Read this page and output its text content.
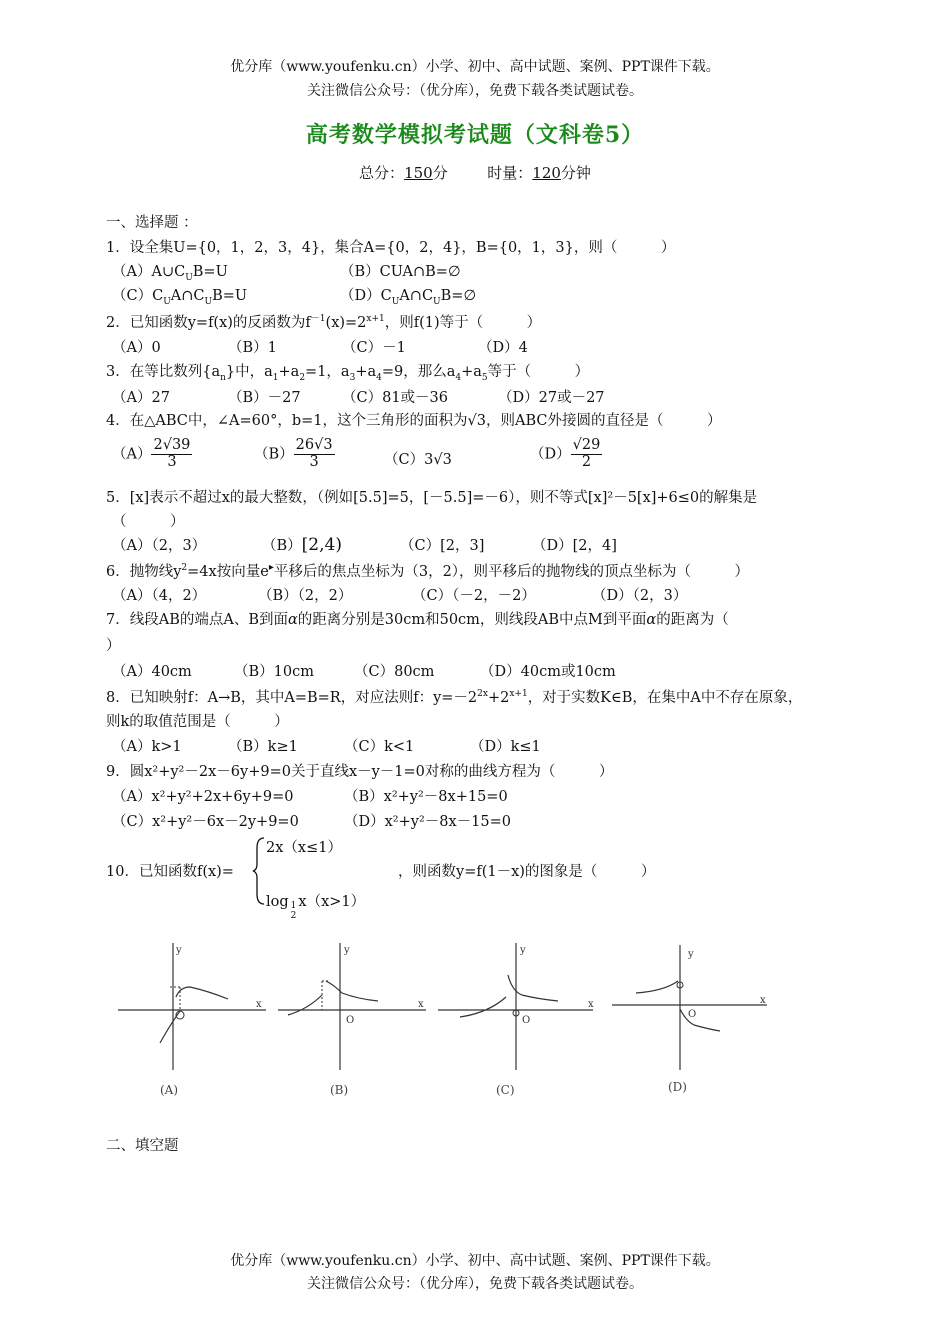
优分库（www.youfenku.cn）小学、初中、高中试题、案例、PPT课件下载。
关注微信公众号：（优分库），免费下载各类试题试卷。
高考数学模拟考试题（文科卷5）
总分：150分   	时量：120分钟
一、选择题 ：
1．设全集U={0，1，2，3，4}，集合A={0，2，4}，B={0，1，3}，则（　　　）
$(A)A\cup C_UB=U$	（B）CUA∩B=∅
$(C)C_UA\cap C_UB=U$	$(D)C_UA\cap C_UB=\emptyset$
2．已知函数y=f(x)的反函数为$f^{-1}(x)=2^{x+1}$，则f(1)等于（　　　）
（A）0	（B）1	（C）－1	（D）4
3．在等比数列$\{a_n\}$中，$a_1+a_2=1$，$a_3+a_4=9$，那么$a_4+a_5$等于（　　　）
（A）27	（B）－27	（C）81或－36	（D）27或－27
4．在△ABC中，∠A=60°，b=1，这个三角形的面积为√3，则ABC外接圆的直径是（　　　）
$(A) \frac{2√39}{3}$	$(B) \frac{26√3}{3}$	（C）3√3	$(D) \frac{√29}{2}$
5．[x]表示不超过x的最大整数，（例如[5.5]=5，[－5.5]=－6），则不等式[x]²－5[x]+6≤0的解集是
（　　　）
（A）（2，3）	（B）[2,4)	（C）[2，3]	（D）[2，4]
6．抛物线$y^2=4x$按向量e▸平移后的焦点坐标为（3，2），则平移后的抛物线的顶点坐标为（　　　）
（A）（4，2）	（B）（2，2）	（C）（－2，－2）	（D）（2，3）
7．线段AB的端点A、B到面α的距离分别是30cm和50cm，则线段AB中点M到平面α的距离为（
）
（A）40cm	（B）10cm	（C）80cm	（D）40cm或10cm
8．已知映射f：A→B，其中A=B=R，对应法则f：$y=-2^{2x}+2^{x+1}$，对于实数K∈B，在集中A中不存在原象，
则k的取值范围是（　　　）
（A）k>1	（B）k≥1	（C）k<1	（D）k≤1
9．圆x²+y²－2x－6y+9=0关于直线x－y－1=0对称的曲线方程为（　　　）
（A）x²+y²+2x+6y+9=0	（B）x²+y²－8x+15=0
（C）x²+y²－6x－2y+9=0	（D）x²+y²－8x－15=0
10．已知函数f(x)=
2x（x≤1）
log 1
2
x（x>1）
，则函数y=f(1－x)的图象是（　　　）
y
x
(A)
y
x
O
(B)
y
x
O
(C)
y
x
O
(D)
二、填空题
优分库（www.youfenku.cn）小学、初中、高中试题、案例、PPT课件下载。
关注微信公众号：（优分库），免费下载各类试题试卷。
